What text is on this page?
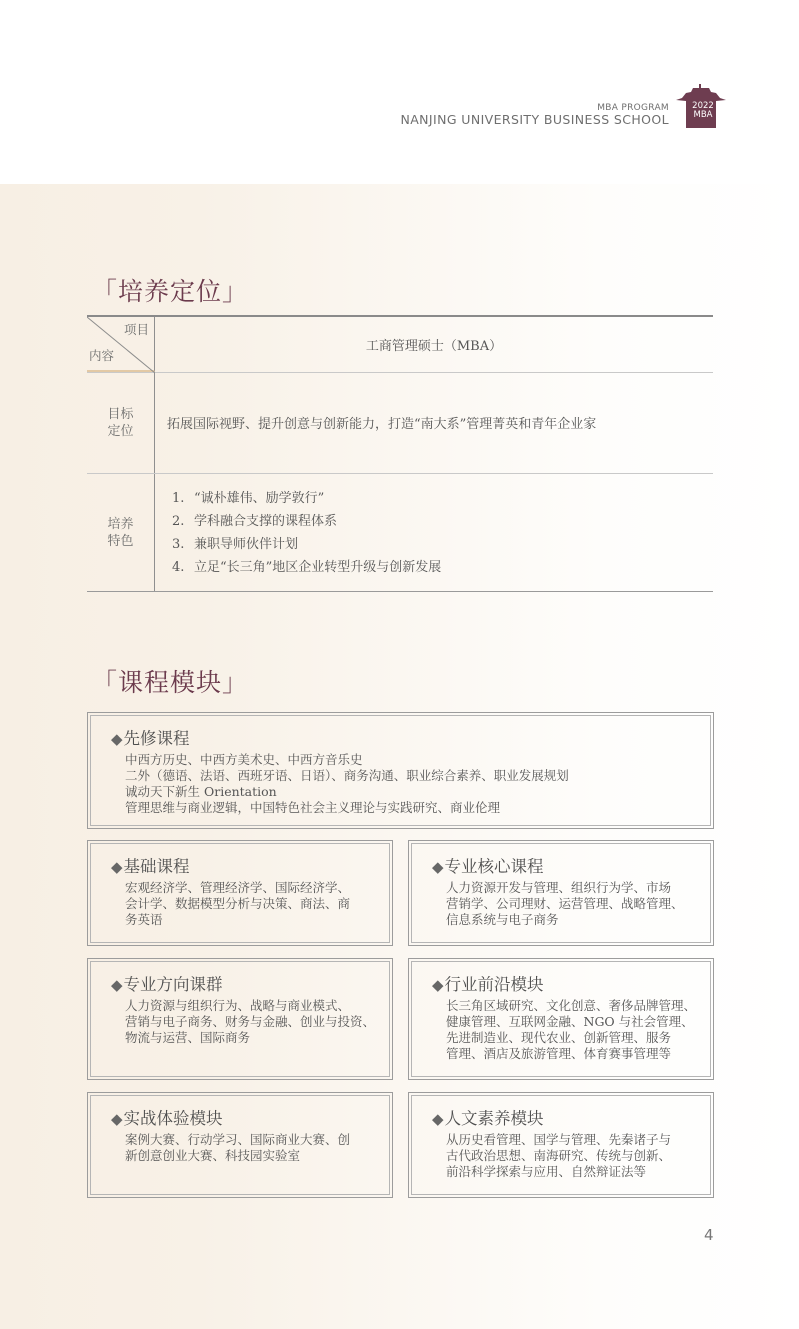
MBA PROGRAM
NANJING UNIVERSITY BUSINESS SCHOOL
2022
MBA
「培养定位」
项目
内容
工商管理硕士（MBA）
目标
定位	拓展国际视野、提升创意与创新能力，打造“南大系”管理菁英和青年企业家
培养
特色
1. “诚朴雄伟、励学敦行”
2. 学科融合支撑的课程体系
3. 兼职导师伙伴计划
4. 立足“长三角”地区企业转型升级与创新发展
「课程模块」
◆先修课程

中西方历史、中西方美术史、中西方音乐史

二外（德语、法语、西班牙语、日语）、商务沟通、职业综合素养、职业发展规划

诚动天下新生 Orientation

管理思维与商业逻辑，中国特色社会主义理论与实践研究、商业伦理

◆基础课程

宏观经济学、管理经济学、国际经济学、

会计学、数据模型分析与决策、商法、商

务英语

◆专业核心课程

人力资源开发与管理、组织行为学、市场

营销学、公司理财、运营管理、战略管理、

信息系统与电子商务

◆专业方向课群

人力资源与组织行为、战略与商业模式、

营销与电子商务、财务与金融、创业与投资、

物流与运营、国际商务

◆行业前沿模块

长三角区域研究、文化创意、奢侈品牌管理、

健康管理、互联网金融、NGO 与社会管理、

先进制造业、现代农业、创新管理、服务

管理、酒店及旅游管理、体育赛事管理等

◆实战体验模块

案例大赛、行动学习、国际商业大赛、创

新创意创业大赛、科技园实验室

◆人文素养模块

从历史看管理、国学与管理、先秦诸子与

古代政治思想、南海研究、传统与创新、

前沿科学探索与应用、自然辩证法等

4
